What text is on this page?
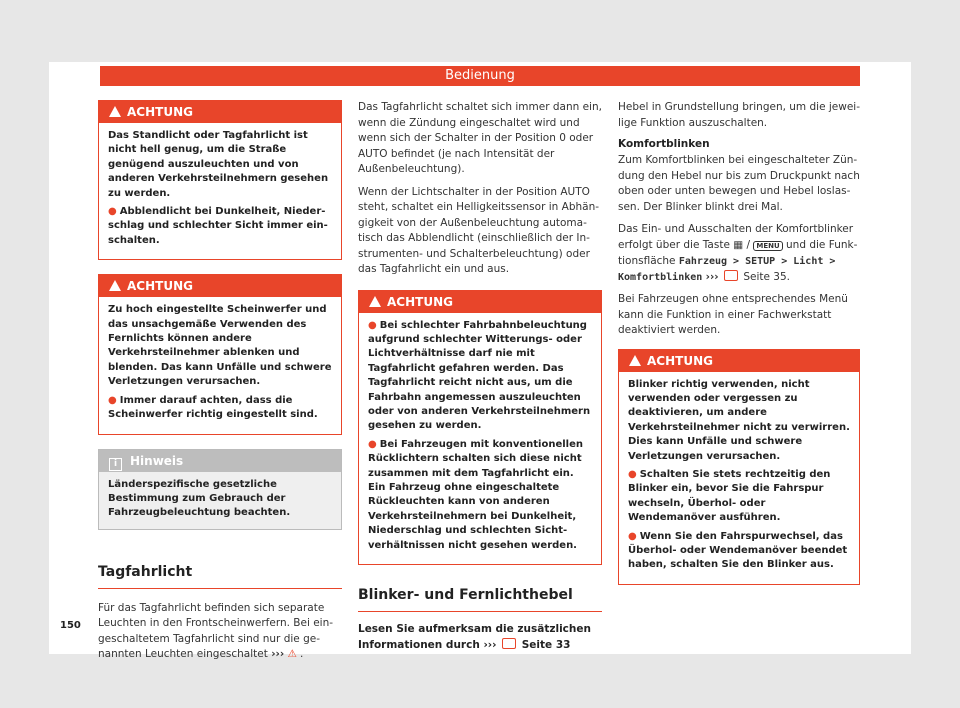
Bedienung
ACHTUNG

Das Standlicht oder Tagfahrlicht ist nicht hell genug, um die Straße genügend auszuleuchten und von anderen Verkehrsteilnehmern gesehen zu werden.

● Abblendlicht bei Dunkelheit, Niederschlag und schlechter Sicht immer einschalten.

ACHTUNG

Zu hoch eingestellte Scheinwerfer und das unsachgemäße Verwenden des Fernlichts können andere Verkehrsteilnehmer ablenken und blenden. Das kann Unfälle und schwere Verletzungen verursachen.

● Immer darauf achten, dass die Scheinwerfer richtig eingestellt sind.

i Hinweis
Länderspezifische gesetzliche Bestimmung zum Gebrauch der Fahrzeugbeleuchtung beachten.
Tagfahrlicht

Für das Tagfahrlicht befinden sich separate Leuchten in den Frontscheinwerfern. Bei eingeschaltetem Tagfahrlicht sind nur die genannten Leuchten eingeschaltet ››› ⚠ .

Das Tagfahrlicht schaltet sich immer dann ein, wenn die Zündung eingeschaltet wird und wenn sich der Schalter in der Position 0 oder AUTO befindet (je nach Intensität der Außenbeleuchtung).

Wenn der Lichtschalter in der Position AUTO steht, schaltet ein Helligkeitssensor in Abhängigkeit von der Außenbeleuchtung automatisch das Abblendlicht (einschließlich der Instrumenten- und Schalterbeleuchtung) oder das Tagfahrlicht ein und aus.

ACHTUNG

● Bei schlechter Fahrbahnbeleuchtung aufgrund schlechter Witterungs- oder Lichtverhältnisse darf nie mit Tagfahrlicht gefahren werden. Das Tagfahrlicht reicht nicht aus, um die Fahrbahn angemessen auszuleuchten oder von anderen Verkehrsteilnehmern gesehen zu werden.

● Bei Fahrzeugen mit konventionellen Rücklichtern schalten sich diese nicht zusammen mit dem Tagfahrlicht ein. Ein Fahrzeug ohne eingeschaltete Rückleuchten kann von anderen Verkehrsteilnehmern bei Dunkelheit, Niederschlag und schlechten Sichtverhältnissen nicht gesehen werden.

Blinker- und Fernlichthebel

Lesen Sie aufmerksam die zusätzlichen Informationen durch ››› Seite 33

Hebel in Grundstellung bringen, um die jeweilige Funktion auszuschalten.

Komfortblinken

Zum Komfortblinken bei eingeschalteter Zündung den Hebel nur bis zum Druckpunkt nach oben oder unten bewegen und Hebel loslassen. Der Blinker blinkt drei Mal.

Das Ein- und Ausschalten der Komfortblinker erfolgt über die Taste ▦ / MENU und die Funktionsfläche Fahrzeug > SETUP > Licht > Komfortblinken ››› Seite 35.

Bei Fahrzeugen ohne entsprechendes Menü kann die Funktion in einer Fachwerkstatt deaktiviert werden.

ACHTUNG

Blinker richtig verwenden, nicht verwenden oder vergessen zu deaktivieren, um andere Verkehrsteilnehmer nicht zu verwirren. Dies kann Unfälle und schwere Verletzungen verursachen.

● Schalten Sie stets rechtzeitig den Blinker ein, bevor Sie die Fahrspur wechseln, Überhol- oder Wendemanöver ausführen.

● Wenn Sie den Fahrspurwechsel, das Überhol- oder Wendemanöver beendet haben, schalten Sie den Blinker aus.

150
